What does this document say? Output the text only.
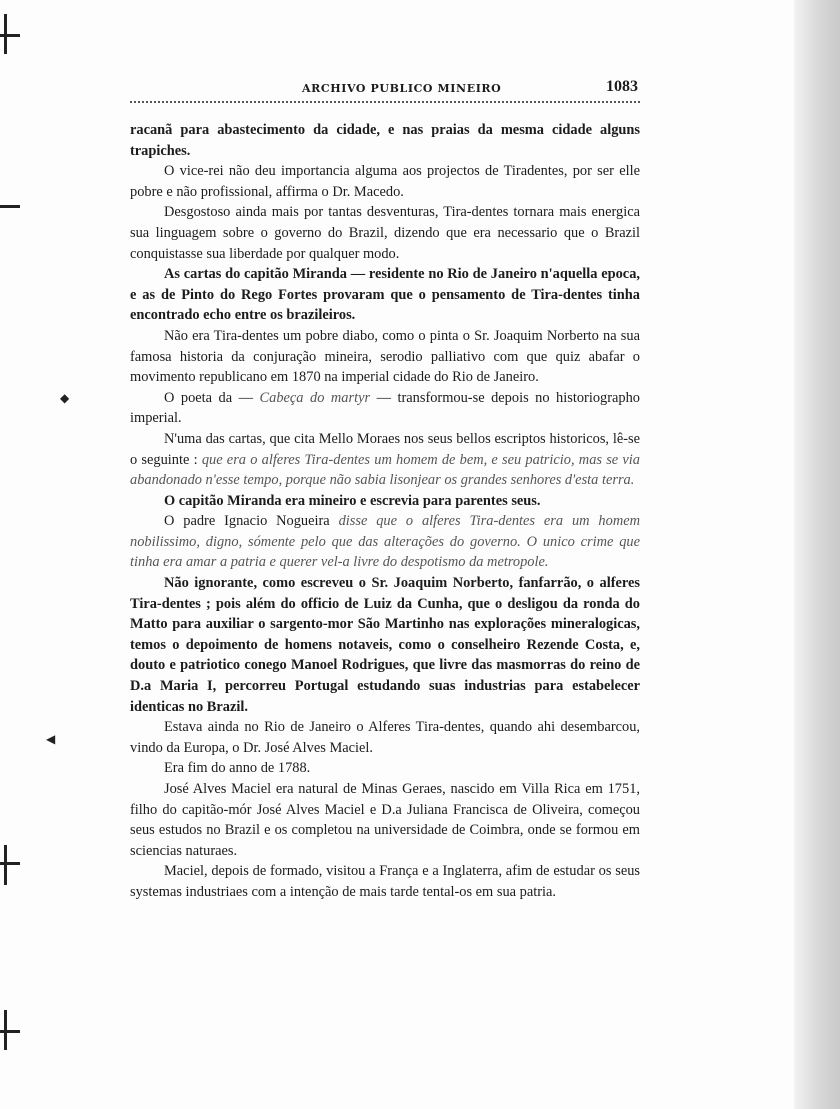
◆
◀
ARCHIVO PUBLICO MINEIRO	1083

racanã para abastecimento da cidade, e nas praias da mesma cidade alguns trapiches.

O vice-rei não deu importancia alguma aos projectos de Tiradentes, por ser elle pobre e não profissional, affirma o Dr. Macedo.

Desgostoso ainda mais por tantas desventuras, Tira-dentes tornara mais energica sua linguagem sobre o governo do Brazil, dizendo que era necessario que o Brazil conquistasse sua liberdade por qualquer modo.

As cartas do capitão Miranda — residente no Rio de Janeiro n'aquella epoca, e as de Pinto do Rego Fortes provaram que o pensamento de Tira-dentes tinha encontrado echo entre os brazileiros.

Não era Tira-dentes um pobre diabo, como o pinta o Sr. Joaquim Norberto na sua famosa historia da conjuração mineira, serodio palliativo com que quiz abafar o movimento republicano em 1870 na imperial cidade do Rio de Janeiro.

O poeta da — Cabeça do martyr — transformou-se depois no historiographo imperial.

N'uma das cartas, que cita Mello Moraes nos seus bellos escriptos historicos, lê-se o seguinte : que era o alferes Tira-dentes um homem de bem, e seu patricio, mas se via abandonado n'esse tempo, porque não sabia lisonjear os grandes senhores d'esta terra.

O capitão Miranda era mineiro e escrevia para parentes seus.

O padre Ignacio Nogueira disse que o alferes Tira-dentes era um homem nobilissimo, digno, sómente pelo que das alterações do governo. O unico crime que tinha era amar a patria e querer vel-a livre do despotismo da metropole.

Não ignorante, como escreveu o Sr. Joaquim Norberto, fanfarrão, o alferes Tira-dentes ; pois além do officio de Luiz da Cunha, que o desligou da ronda do Matto para auxiliar o sargento-mor São Martinho nas explorações mineralogicas, temos o depoimento de homens notaveis, como o conselheiro Rezende Costa, e, douto e patriotico conego Manoel Rodrigues, que livre das masmorras do reino de D.a Maria I, percorreu Portugal estudando suas industrias para estabelecer identicas no Brazil.

Estava ainda no Rio de Janeiro o Alferes Tira-dentes, quando ahi desembarcou, vindo da Europa, o Dr. José Alves Maciel.

Era fim do anno de 1788.

José Alves Maciel era natural de Minas Geraes, nascido em Villa Rica em 1751, filho do capitão-mór José Alves Maciel e D.a Juliana Francisca de Oliveira, começou seus estudos no Brazil e os completou na universidade de Coimbra, onde se formou em sciencias naturaes.

Maciel, depois de formado, visitou a França e a Inglaterra, afim de estudar os seus systemas industriaes com a intenção de mais tarde tental-os em sua patria.
